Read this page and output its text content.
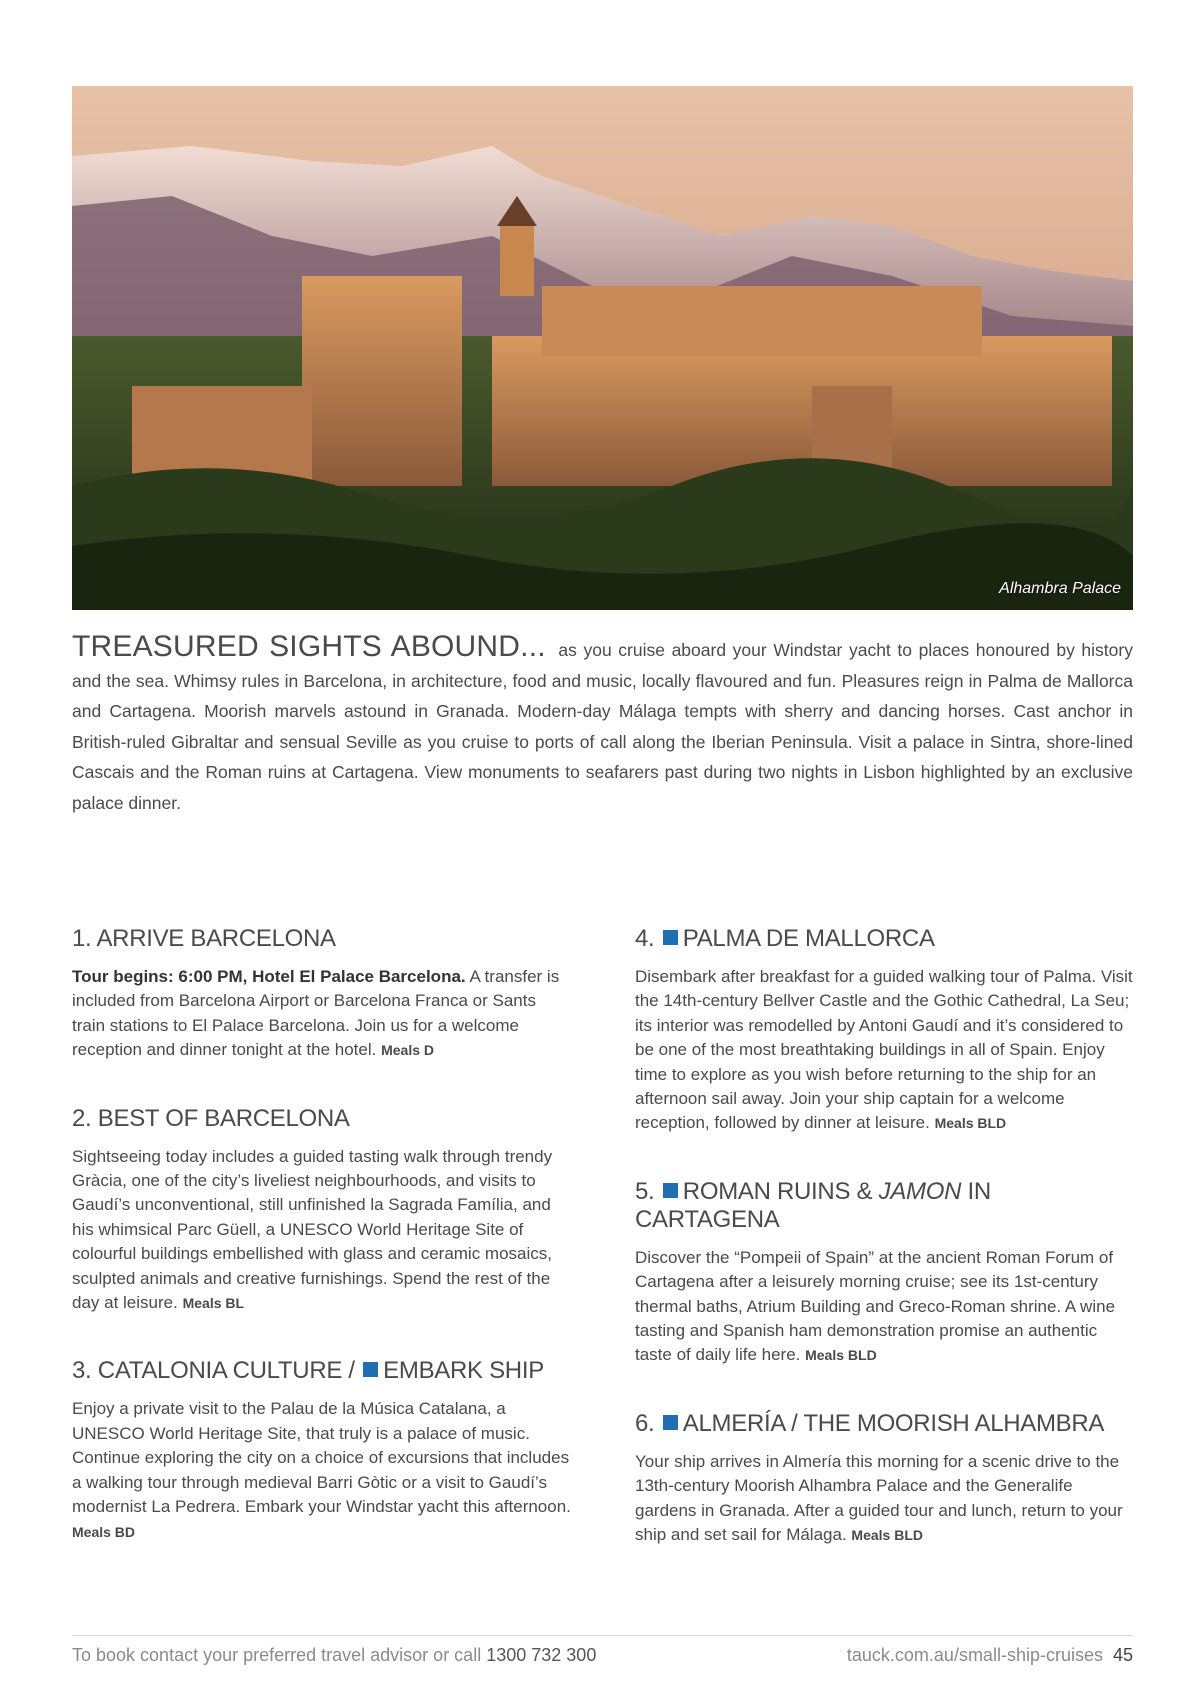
Alhambra Palace
TREASURED SIGHTS ABOUND... as you cruise aboard your Windstar yacht to places honoured by history and the sea. Whimsy rules in Barcelona, in architecture, food and music, locally flavoured and fun. Pleasures reign in Palma de Mallorca and Cartagena. Moorish marvels astound in Granada. Modern-day Málaga tempts with sherry and dancing horses. Cast anchor in British-ruled Gibraltar and sensual Seville as you cruise to ports of call along the Iberian Peninsula. Visit a palace in Sintra, shore-lined Cascais and the Roman ruins at Cartagena. View monuments to seafarers past during two nights in Lisbon highlighted by an exclusive palace dinner.
1. ARRIVE BARCELONA

Tour begins: 6:00 PM, Hotel El Palace Barcelona. A transfer is included from Barcelona Airport or Barcelona Franca or Sants train stations to El Palace Barcelona. Join us for a welcome reception and dinner tonight at the hotel. Meals D

2. BEST OF BARCELONA

Sightseeing today includes a guided tasting walk through trendy Gràcia, one of the city’s liveliest neighbourhoods, and visits to Gaudí’s unconventional, still unfinished la Sagrada Família, and his whimsical Parc Güell, a UNESCO World Heritage Site of colourful buildings embellished with glass and ceramic mosaics, sculpted animals and creative furnishings. Spend the rest of the day at leisure. Meals BL

3. CATALONIA CULTURE / EMBARK SHIP

Enjoy a private visit to the Palau de la Música Catalana, a UNESCO World Heritage Site, that truly is a palace of music. Continue exploring the city on a choice of excursions that includes a walking tour through medieval Barri Gòtic or a visit to Gaudí’s modernist La Pedrera. Embark your Windstar yacht this afternoon. Meals BD

4. PALMA DE MALLORCA

Disembark after breakfast for a guided walking tour of Palma. Visit the 14th-century Bellver Castle and the Gothic Cathedral, La Seu; its interior was remodelled by Antoni Gaudí and it’s considered to be one of the most breathtaking buildings in all of Spain. Enjoy time to explore as you wish before returning to the ship for an afternoon sail away. Join your ship captain for a welcome reception, followed by dinner at leisure. Meals BLD

5. ROMAN RUINS & JAMON IN CARTAGENA

Discover the “Pompeii of Spain” at the ancient Roman Forum of Cartagena after a leisurely morning cruise; see its 1st-century thermal baths, Atrium Building and Greco-Roman shrine. A wine tasting and Spanish ham demonstration promise an authentic taste of daily life here. Meals BLD

6. ALMERÍA / THE MOORISH ALHAMBRA

Your ship arrives in Almería this morning for a scenic drive to the 13th-century Moorish Alhambra Palace and the Generalife gardens in Granada. After a guided tour and lunch, return to your ship and set sail for Málaga. Meals BLD

To book contact your preferred travel advisor or call 1300 732 300	tauck.com.au/small-ship-cruises 45
